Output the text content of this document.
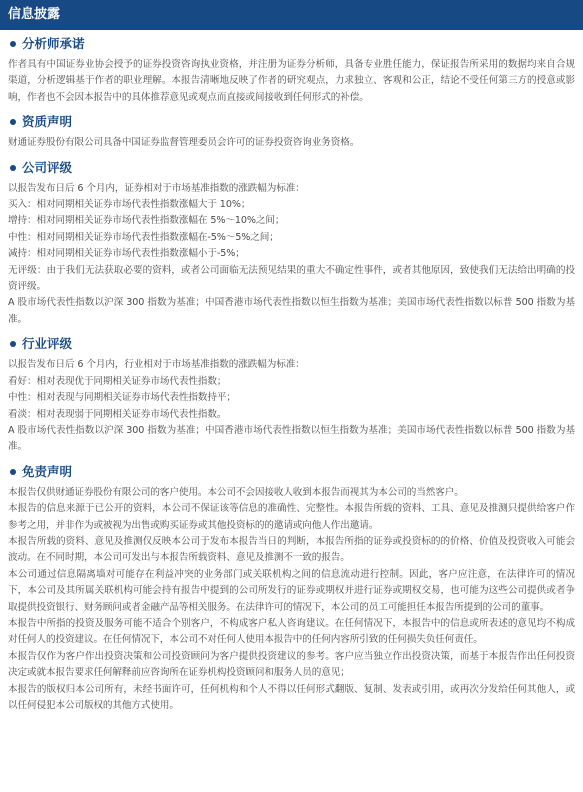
信息披露
分析师承诺

作者具有中国证券业协会授予的证券投资咨询执业资格，并注册为证券分析师，具备专业胜任能力，保证报告所采用的数据均来自合规渠道，分析逻辑基于作者的职业理解。本报告清晰地反映了作者的研究观点，力求独立、客观和公正，结论不受任何第三方的授意或影响，作者也不会因本报告中的具体推荐意见或观点而直接或间接收到任何形式的补偿。

资质声明

财通证券股份有限公司具备中国证券监督管理委员会许可的证券投资咨询业务资格。

公司评级

以报告发布日后 6 个月内，证券相对于市场基准指数的涨跌幅为标准：

买入：相对同期相关证券市场代表性指数涨幅大于 10%；

增持：相对同期相关证券市场代表性指数涨幅在 5%～10%之间；

中性：相对同期相关证券市场代表性指数涨幅在-5%～5%之间；

减持：相对同期相关证券市场代表性指数涨幅小于-5%；

无评级：由于我们无法获取必要的资料，或者公司面临无法预见结果的重大不确定性事件，或者其他原因，致使我们无法给出明确的投资评级。

A 股市场代表性指数以沪深 300 指数为基准；中国香港市场代表性指数以恒生指数为基准；美国市场代表性指数以标普 500 指数为基准。

行业评级

以报告发布日后 6 个月内，行业相对于市场基准指数的涨跌幅为标准：

看好：相对表现优于同期相关证券市场代表性指数；

中性：相对表现与同期相关证券市场代表性指数持平；

看淡：相对表现弱于同期相关证券市场代表性指数。

A 股市场代表性指数以沪深 300 指数为基准；中国香港市场代表性指数以恒生指数为基准；美国市场代表性指数以标普 500 指数为基准。

免责声明

本报告仅供财通证券股份有限公司的客户使用。本公司不会因接收人收到本报告而视其为本公司的当然客户。

本报告的信息来源于已公开的资料，本公司不保证该等信息的准确性、完整性。本报告所载的资料、工具、意见及推测只提供给客户作参考之用，并非作为或被视为出售或购买证券或其他投资标的的邀请或向他人作出邀请。

本报告所载的资料、意见及推测仅反映本公司于发布本报告当日的判断，本报告所指的证券或投资标的的价格、价值及投资收入可能会波动。在不同时期，本公司可发出与本报告所载资料、意见及推测不一致的报告。

本公司通过信息隔离墙对可能存在利益冲突的业务部门或关联机构之间的信息流动进行控制。因此，客户应注意，在法律许可的情况下，本公司及其所属关联机构可能会持有报告中提到的公司所发行的证券或期权并进行证券或期权交易，也可能为这些公司提供或者争取提供投资银行、财务顾问或者金融产品等相关服务。在法律许可的情况下，本公司的员工可能担任本报告所提到的公司的董事。

本报告中所指的投资及服务可能不适合个别客户，不构成客户私人咨询建议。在任何情况下，本报告中的信息或所表述的意见均不构成对任何人的投资建议。在任何情况下，本公司不对任何人使用本报告中的任何内容所引致的任何损失负任何责任。

本报告仅作为客户作出投资决策和公司投资顾问为客户提供投资建议的参考。客户应当独立作出投资决策，而基于本报告作出任何投资决定或就本报告要求任何解释前应咨询所在证券机构投资顾问和服务人员的意见；

本报告的版权归本公司所有，未经书面许可，任何机构和个人不得以任何形式翻版、复制、发表或引用，或再次分发给任何其他人，或以任何侵犯本公司版权的其他方式使用。
